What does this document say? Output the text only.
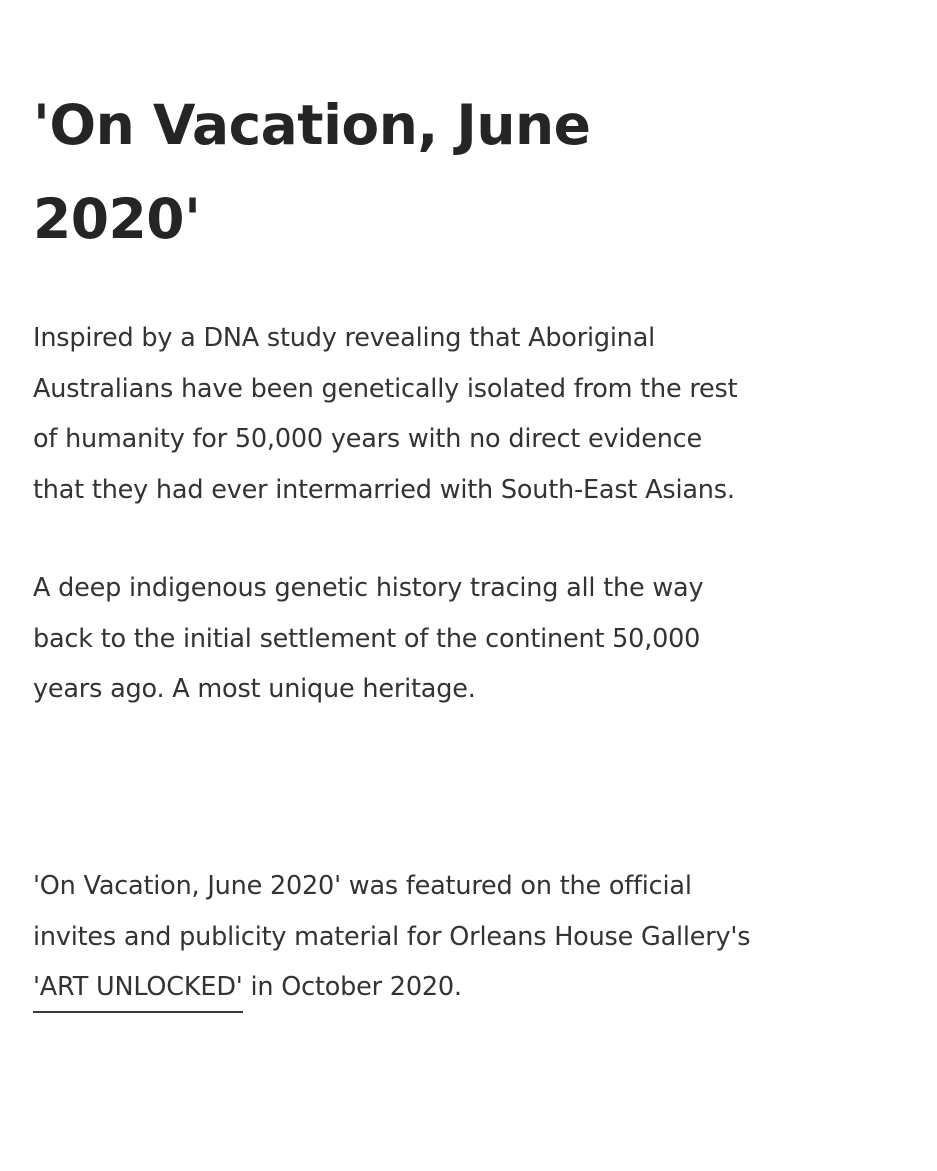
'On Vacation, June
2020'

Inspired by a DNA study revealing that Aboriginal
Australians have been genetically isolated from the rest
of humanity for 50,000 years with no direct evidence
that they had ever intermarried with South-East Asians.

A deep indigenous genetic history tracing all the way
back to the initial settlement of the continent 50,000
years ago. A most unique heritage.

'On Vacation, June 2020' was featured on the official
invites and publicity material for Orleans House Gallery's
'ART UNLOCKED' in October 2020.
